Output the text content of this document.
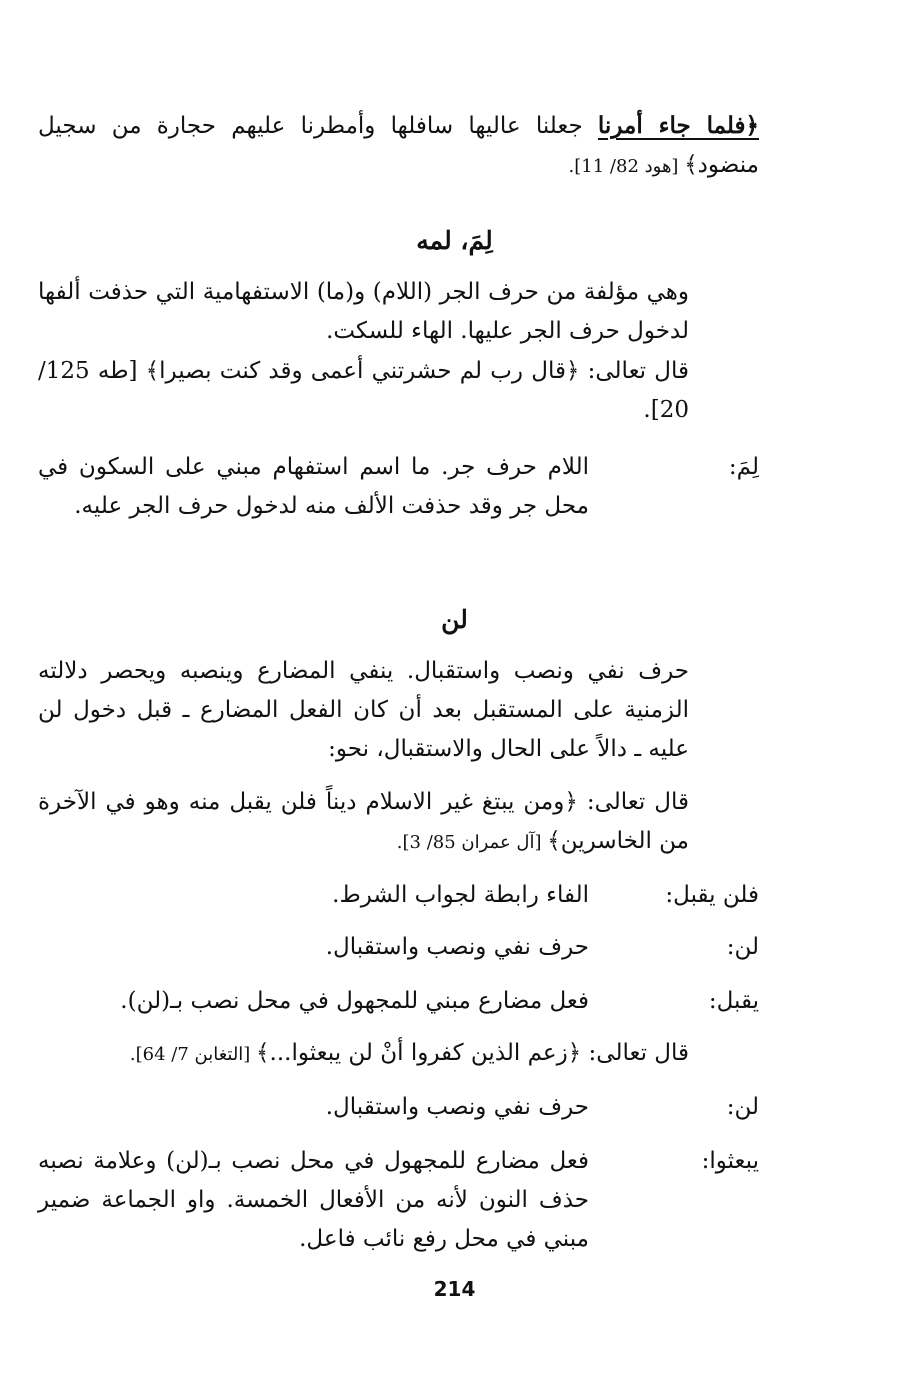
﴿فلما جاء أمرنا جعلنا عاليها سافلها وأمطرنا عليهم حجارة من سجيل منضود﴾ [هود 82/ 11].
لِمَ، لمه
وهي مؤلفة من حرف الجر (اللام) و(ما) الاستفهامية التي حذفت ألفها لدخول حرف الجر عليها. الهاء للسكت.
قال تعالى: ﴿قال رب لم حشرتني أعمى وقد كنت بصيرا﴾ [طه 125/ 20].
لِمَ:
اللام حرف جر. ما اسم استفهام مبني على السكون في محل جر وقد حذفت الألف منه لدخول حرف الجر عليه.
لن
حرف نفي ونصب واستقبال. ينفي المضارع وينصبه ويحصر دلالته الزمنية على المستقبل بعد أن كان الفعل المضارع ـ قبل دخول لن عليه ـ دالاً على الحال والاستقبال، نحو:
قال تعالى: ﴿ومن يبتغ غير الاسلام ديناً فلن يقبل منه وهو في الآخرة من الخاسرين﴾ [آل عمران 85/ 3].
فلن يقبل:
الفاء رابطة لجواب الشرط.
لن:
حرف نفي ونصب واستقبال.
يقبل:
فعل مضارع مبني للمجهول في محل نصب بـ(لن).
قال تعالى: ﴿زعم الذين كفروا أنْ لن يبعثوا...﴾ [التغابن 7/ 64].
لن:
حرف نفي ونصب واستقبال.
يبعثوا:
فعل مضارع للمجهول في محل نصب بـ(لن) وعلامة نصبه حذف النون لأنه من الأفعال الخمسة. واو الجماعة ضمير مبني في محل رفع نائب فاعل.
214
